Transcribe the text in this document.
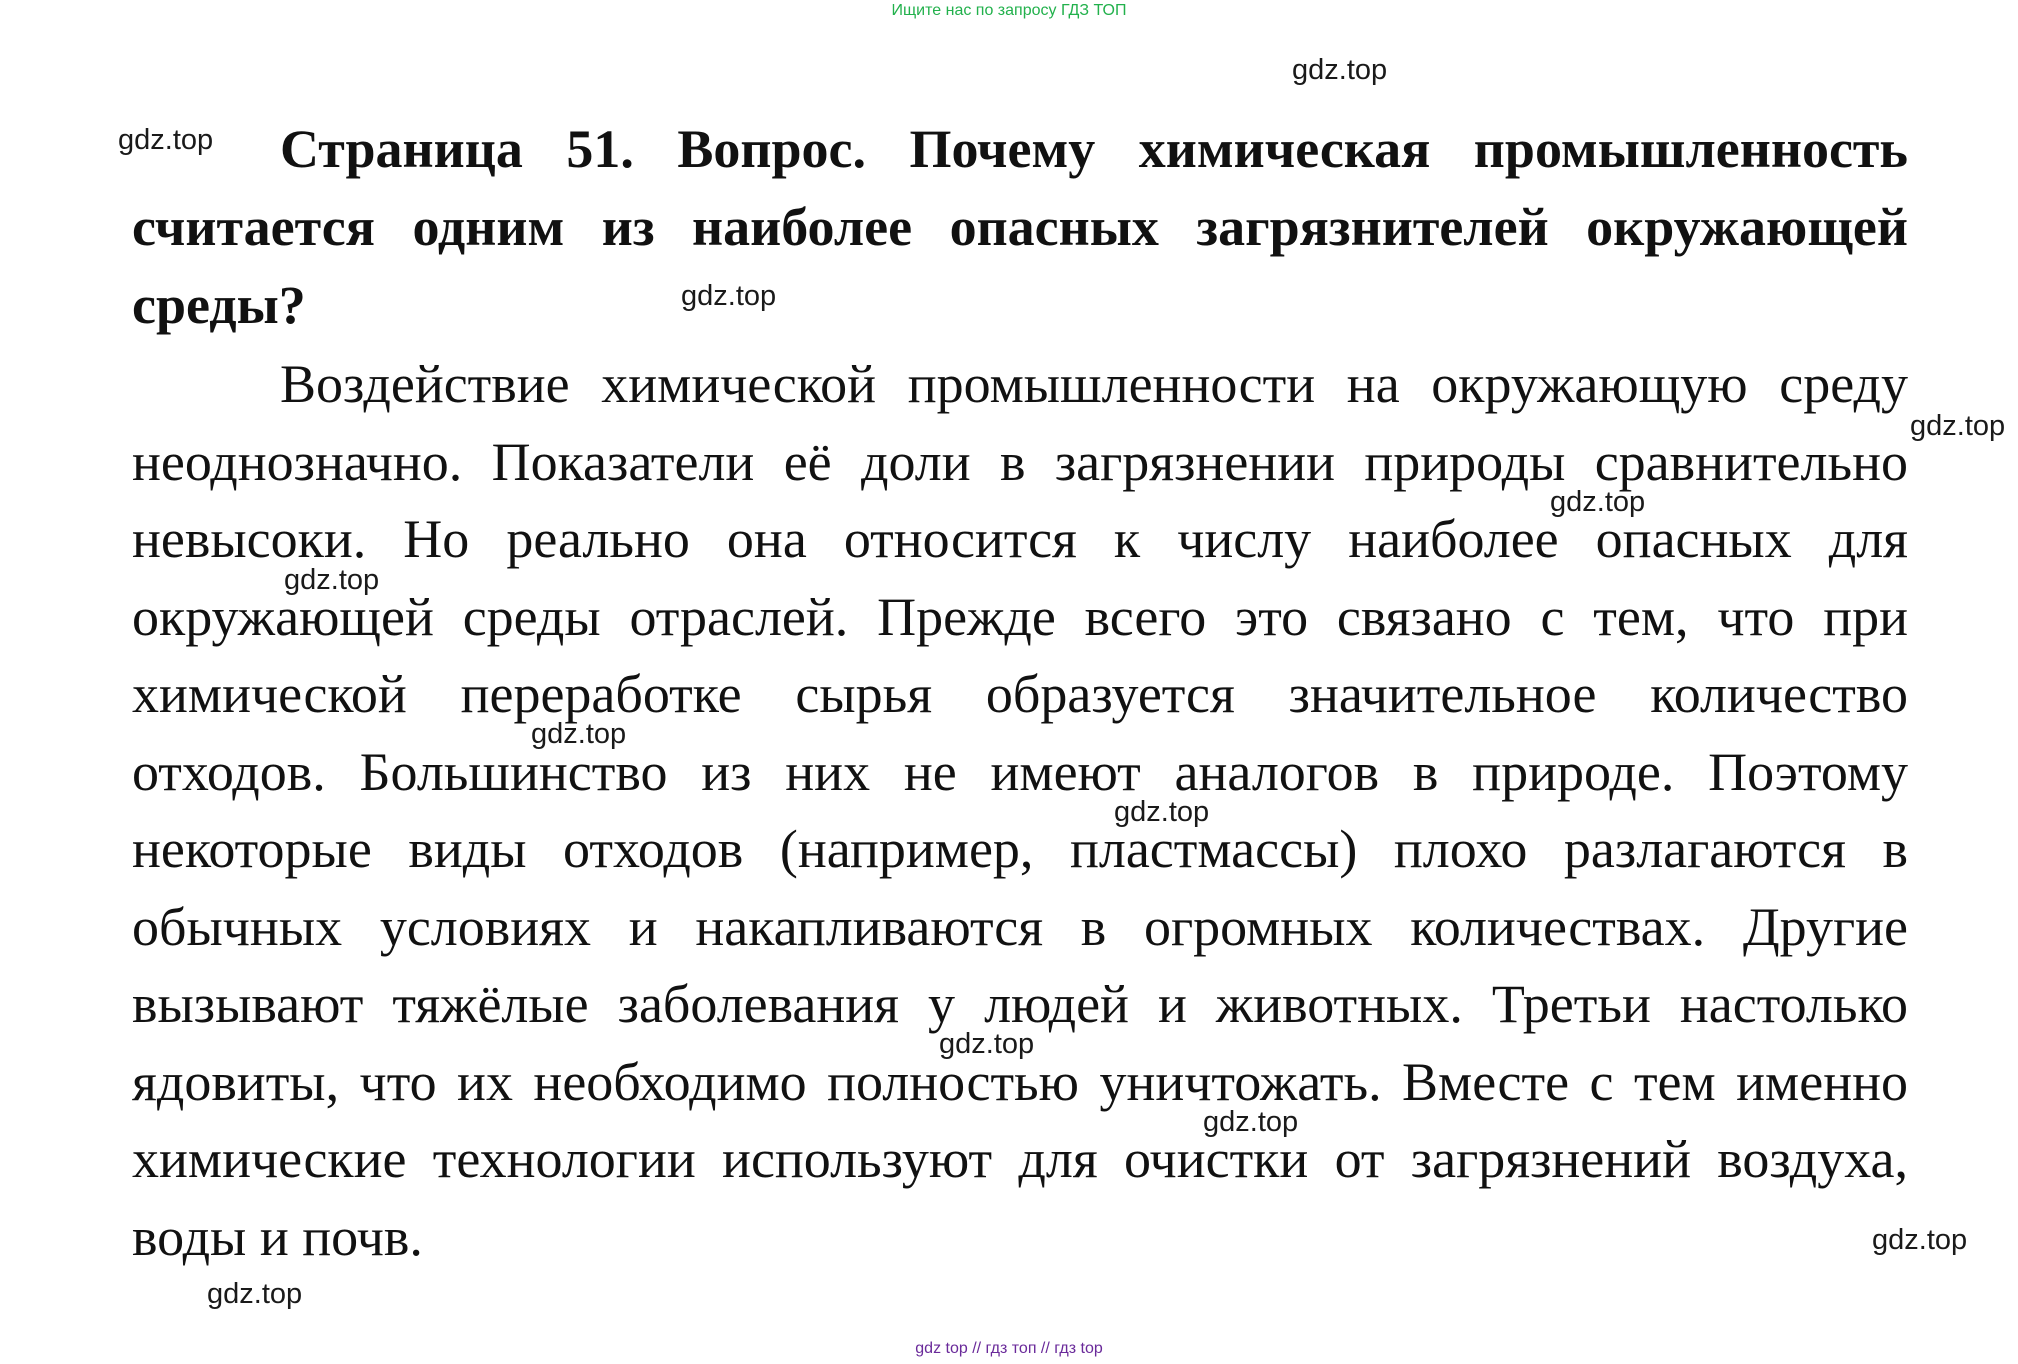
Ищите нас по запросу ГДЗ ТОП

Страница 51. Вопрос. Почему химическая промышленность считается одним из наиболее опасных загрязнителей окружающей среды?

Воздействие химической промышленности на окружающую среду неоднозначно. Показатели её доли в загрязнении природы сравнительно невысоки. Но реально она относится к числу наиболее опасных для окружающей среды отраслей. Прежде всего это связано с тем, что при химической переработке сырья образуется значительное количество отходов. Большинство из них не имеют аналогов в природе. Поэтому некоторые виды отходов (например, пластмассы) плохо разлагаются в обычных условиях и накапливаются в огромных количествах. Другие вызывают тяжёлые заболевания у людей и животных. Третьи настолько ядовиты, что их необходимо полностью уничтожать. Вместе с тем именно химические технологии используют для очистки от загрязнений воздуха, воды и почв.

gdz.top
gdz.top
gdz.top
gdz.top
gdz.top
gdz.top
gdz.top
gdz.top
gdz.top
gdz.top
gdz.top
gdz.top
gdz top // гдз топ // гдз top
